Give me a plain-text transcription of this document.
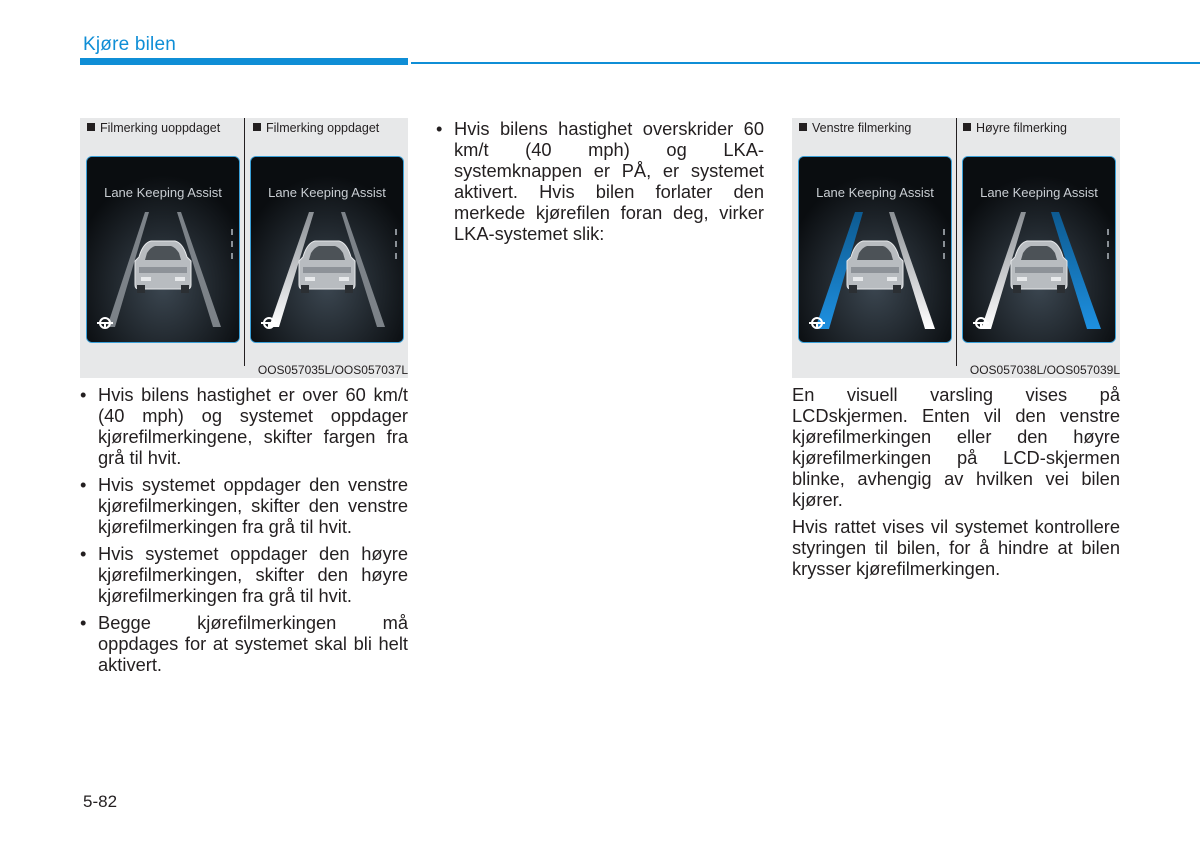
Kjøre bilen
Filmerking uoppdaget	Filmerking oppdaget
Lane Keeping Assist	Lane Keeping Assist
OOS057035L/OOS057037L
Venstre filmerking	Høyre filmerking
Lane Keeping Assist	Lane Keeping Assist
OOS057038L/OOS057039L
• Hvis bilens hastighet er over 60 km/t (40 mph) og systemet oppdager kjørefilmerkingene, skifter fargen fra grå til hvit.
• Hvis systemet oppdager den venstre kjørefilmerkingen, skifter den venstre kjørefilmerkingen fra grå til hvit.
• Hvis systemet oppdager den høyre kjørefilmerkingen, skifter den høyre kjørefilmerkingen fra grå til hvit.
• Begge kjørefilmerkingen må oppdages for at systemet skal bli helt aktivert.
• Hvis bilens hastighet overskrider 60 km/t (40 mph) og LKA-systemknappen er PÅ, er systemet aktivert. Hvis bilen forlater den merkede kjørefilen foran deg, virker LKA-systemet slik:

En visuell varsling vises på LCDskjermen. Enten vil den venstre kjørefilmerkingen eller den høyre kjørefilmerkingen på LCD-skjermen blinke, avhengig av hvilken vei bilen kjører.

Hvis rattet vises vil systemet kontrollere styringen til bilen, for å hindre at bilen krysser kjørefilmerkingen.

5-82
